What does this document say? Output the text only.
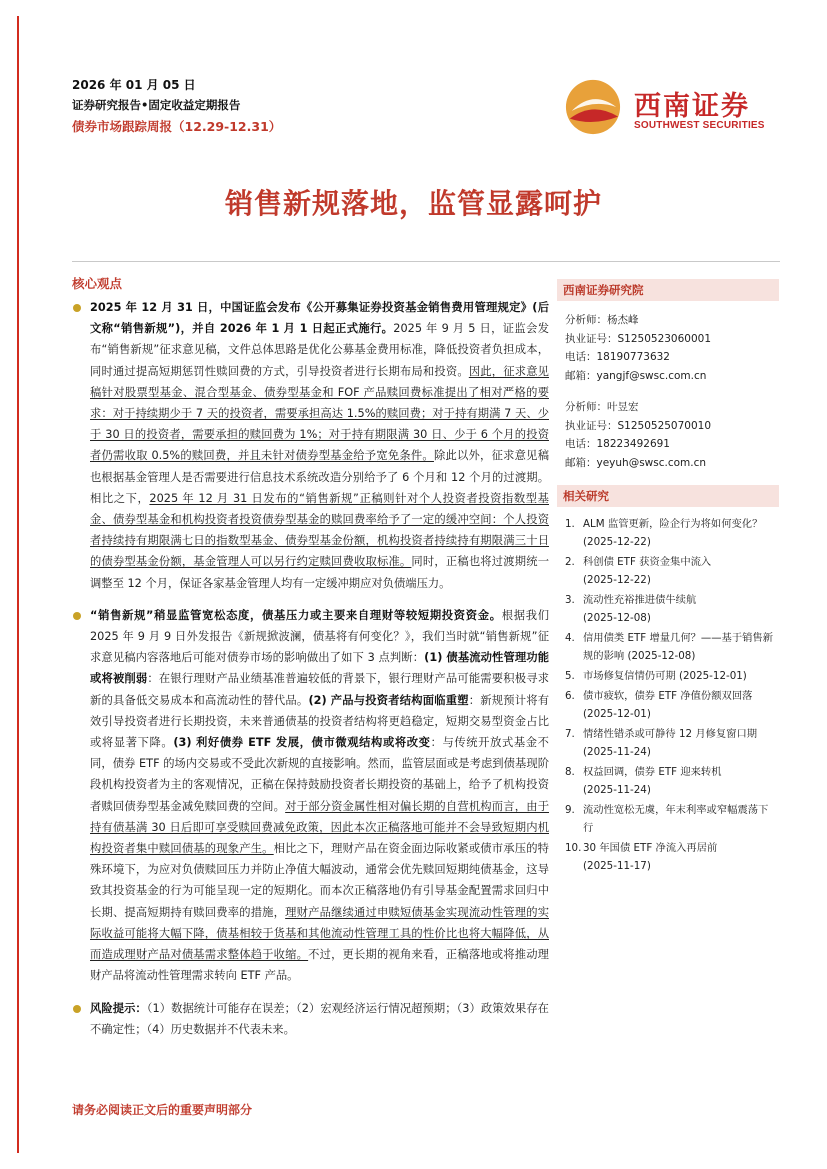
2026 年 01 月 05 日
证券研究报告•固定收益定期报告
债券市场跟踪周报（12.29-12.31）
西南证券
SOUTHWEST SECURITIES
销售新规落地，监管显露呵护
核心观点
2025 年 12 月 31 日，中国证监会发布《公开募集证券投资基金销售费用管理规定》(后文称“销售新规”)，并自 2026 年 1 月 1 日起正式施行。2025 年 9 月 5 日，证监会发布“销售新规”征求意见稿，文件总体思路是优化公募基金费用标准，降低投资者负担成本，同时通过提高短期惩罚性赎回费的方式，引导投资者进行长期布局和投资。因此，征求意见稿针对股票型基金、混合型基金、债券型基金和 FOF 产品赎回费标准提出了相对严格的要求：对于持续期少于 7 天的投资者，需要承担高达 1.5%的赎回费；对于持有期满 7 天、少于 30 日的投资者，需要承担的赎回费为 1%；对于持有期限满 30 日、少于 6 个月的投资者仍需收取 0.5%的赎回费，并且未针对债券型基金给予宽免条件。除此以外，征求意见稿也根据基金管理人是否需要进行信息技术系统改造分别给予了 6 个月和 12 个月的过渡期。相比之下，2025 年 12 月 31 日发布的“销售新规”正稿则针对个人投资者投资指数型基金、债券型基金和机构投资者投资债券型基金的赎回费率给予了一定的缓冲空间：个人投资者持续持有期限满七日的指数型基金、债券型基金份额，机构投资者持续持有期限满三十日的债券型基金份额，基金管理人可以另行约定赎回费收取标准。同时，正稿也将过渡期统一调整至 12 个月，保证各家基金管理人均有一定缓冲期应对负债端压力。
“销售新规”稍显监管宽松态度，债基压力或主要来自理财等较短期投资资金。根据我们 2025 年 9 月 9 日外发报告《新规掀波澜，债基将有何变化？》，我们当时就“销售新规”征求意见稿内容落地后可能对债券市场的影响做出了如下 3 点判断：(1) 债基流动性管理功能或将被削弱：在银行理财产品业绩基准普遍较低的背景下，银行理财产品可能需要积极寻求新的具备低交易成本和高流动性的替代品。(2) 产品与投资者结构面临重塑：新规预计将有效引导投资者进行长期投资，未来普通债基的投资者结构将更趋稳定，短期交易型资金占比或将显著下降。(3) 利好债券 ETF 发展，债市微观结构或将改变：与传统开放式基金不同，债券 ETF 的场内交易或不受此次新规的直接影响。然而，监管层面或是考虑到债基现阶段机构投资者为主的客观情况，正稿在保持鼓励投资者长期投资的基础上，给予了机构投资者赎回债券型基金减免赎回费的空间。对于部分资金属性相对偏长期的自营机构而言，由于持有债基满 30 日后即可享受赎回费减免政策，因此本次正稿落地可能并不会导致短期内机构投资者集中赎回债基的现象产生。相比之下，理财产品在资金面边际收紧或债市承压的特殊环境下，为应对负债赎回压力并防止净值大幅波动，通常会优先赎回短期纯债基金，这导致其投资基金的行为可能呈现一定的短期化。而本次正稿落地仍有引导基金配置需求回归中长期、提高短期持有赎回费率的措施，理财产品继续通过申赎短债基金实现流动性管理的实际收益可能将大幅下降，债基相较于货基和其他流动性管理工具的性价比也将大幅降低，从而造成理财产品对债基需求整体趋于收缩。不过，更长期的视角来看，正稿落地或将推动理财产品将流动性管理需求转向 ETF 产品。
风险提示：（1）数据统计可能存在误差；（2）宏观经济运行情况超预期；（3）政策效果存在不确定性；（4）历史数据并不代表未来。
西南证券研究院
分析师：杨杰峰
执业证号：S1250523060001
电话：18190773632
邮箱：yangjf@swsc.com.cn
分析师：叶昱宏
执业证号：S1250525070010
电话：18223492691
邮箱：yeyuh@swsc.com.cn
相关研究
1. ALM 监管更新，险企行为将如何变化？
(2025-12-22)
2. 科创债 ETF 获资金集中流入
(2025-12-22)
3. 流动性充裕推进债牛续航
(2025-12-08)
4. 信用债类 ETF 增量几何？——基于销售新规的影响 (2025-12-08)
5. 市场修复信情仍可期 (2025-12-01)
6. 债市疲软，债券 ETF 净值份额双回落
(2025-12-01)
7. 情绪性错杀或可静待 12 月修复窗口期
(2025-11-24)
8. 权益回调，债券 ETF 迎来转机
(2025-11-24)
9. 流动性宽松无虞，年末利率或窄幅震荡下行
10. 30 年国债 ETF 净流入再居前
(2025-11-17)
请务必阅读正文后的重要声明部分
